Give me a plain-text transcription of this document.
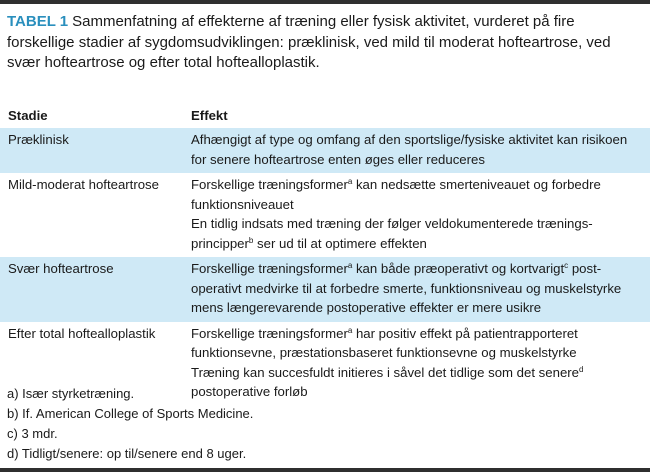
TABEL 1 Sammenfatning af effekterne af træning eller fysisk aktivitet, vurderet på fire forskellige stadier af sygdomsudviklingen: præklinisk, ved mild til moderat hofteartrose, ved svær hofteartrose og efter total hoftealloplastik.
Stadie	Effekt
Præklinisk	Afhængigt af type og omfang af den sportslige/fysiske aktivitet kan risikoen for senere hofteartrose enten øges eller reduceres

Mild-moderat hofteartrose	Forskellige træningsformer$^a$ kan nedsætte smerteniveauet og forbedre funktionsniveauet
En tidlig indsats med træning der følger veldokumenterede trænings-principper$^b$ ser ud til at optimere effekten

Svær hofteartrose	Forskellige træningsformer$^a$ kan både præoperativt og kortvarigt$^c$ post-operativt medvirke til at forbedre smerte, funktionsniveau og muskelstyrke mens længerevarende postoperative effekter er mere usikre

Efter total hoftealloplastik	Forskellige træningsformer$^a$ har positiv effekt på patientrapporteret funktionsevne, præstationsbaseret funktionsevne og muskelstyrke
Træning kan succesfuldt initieres i såvel det tidlige som det senere$^d$ postoperative forløb
a) Især styrketræning.
b) If. American College of Sports Medicine.
c) 3 mdr.
d) Tidligt/senere: op til/senere end 8 uger.
